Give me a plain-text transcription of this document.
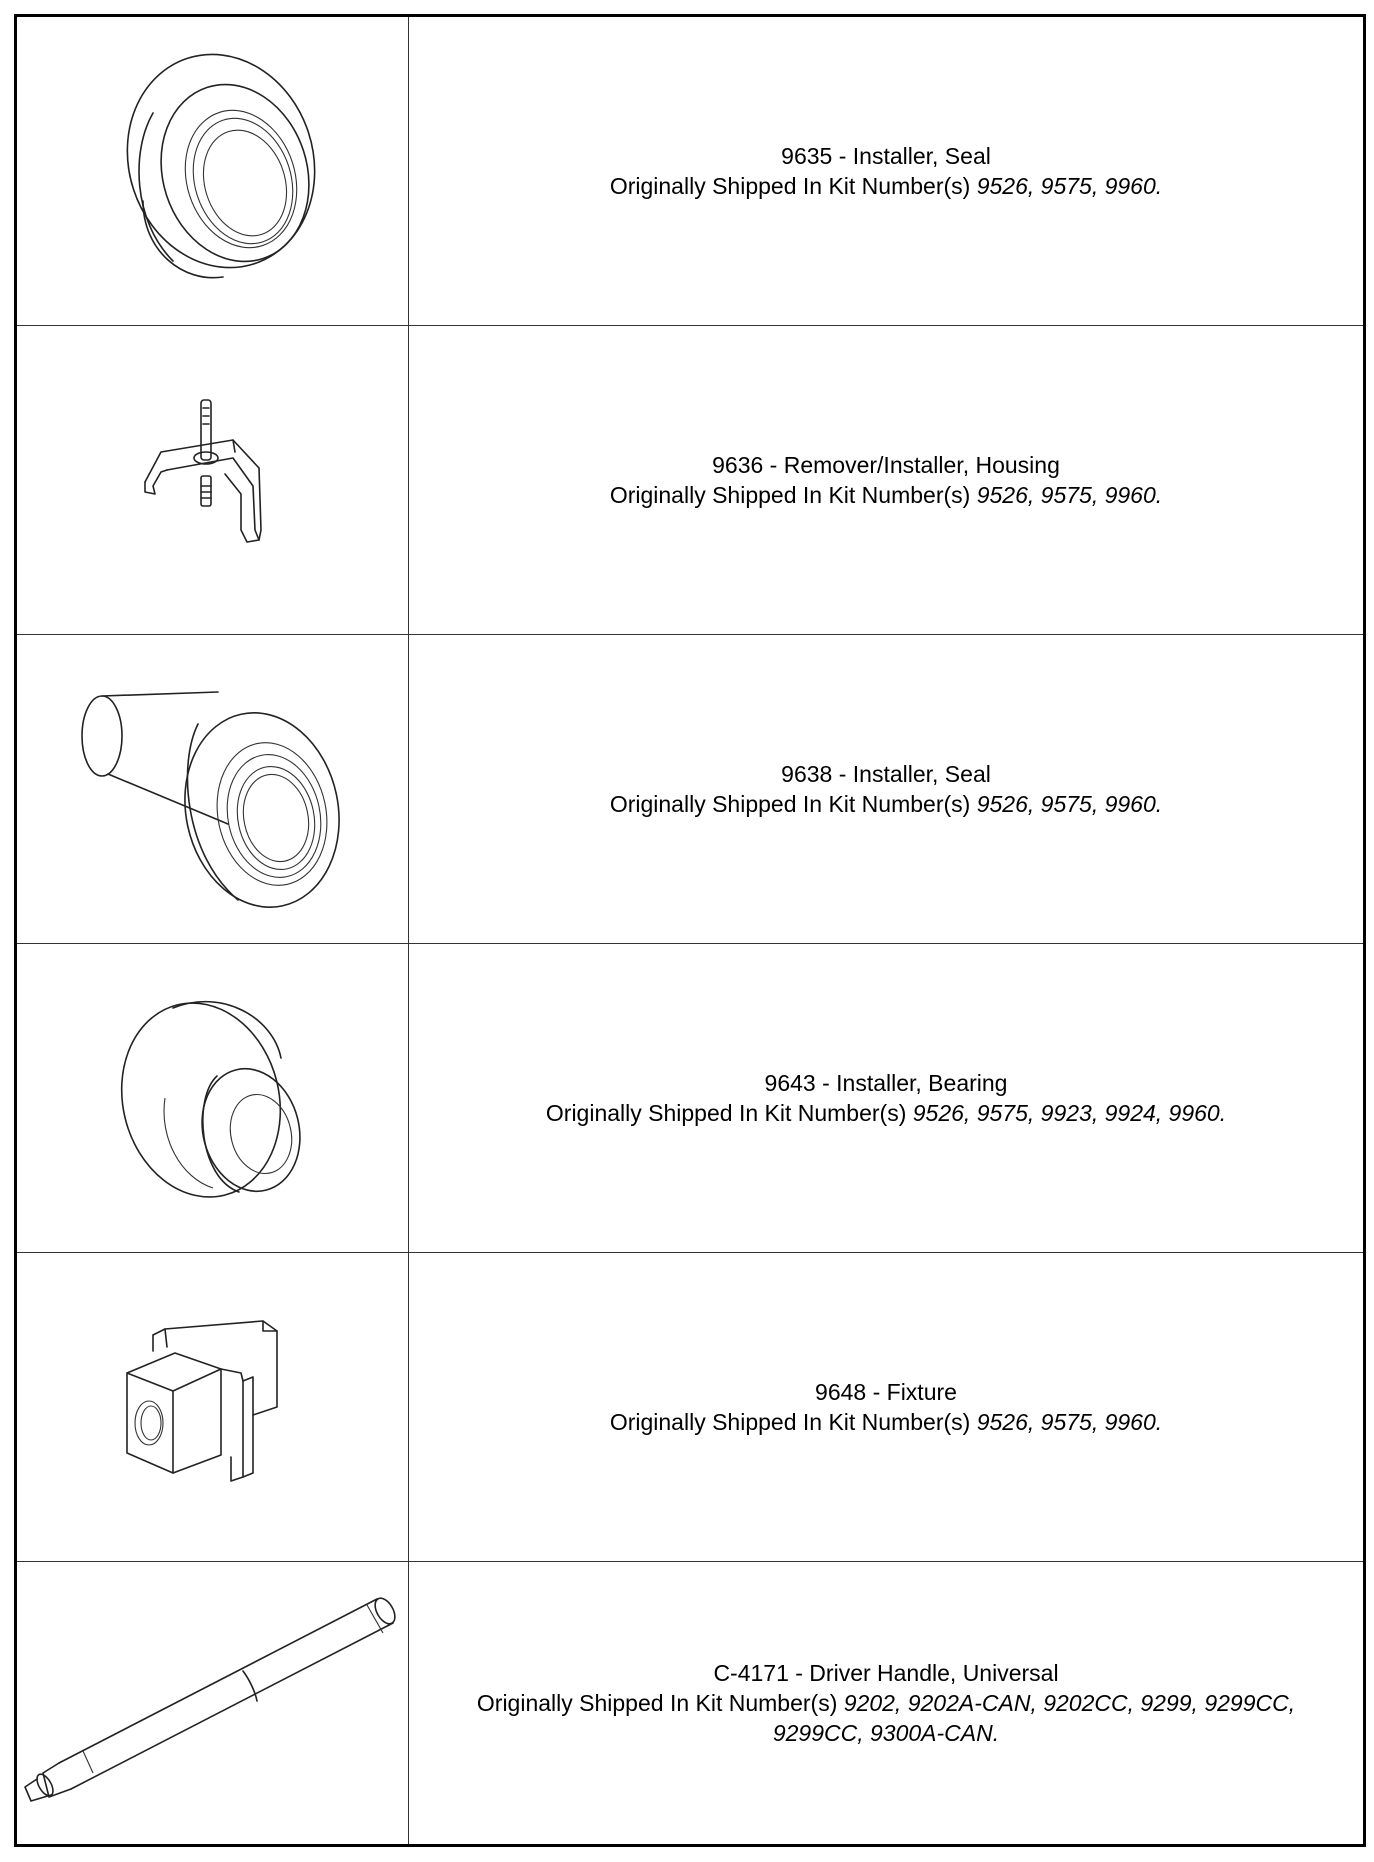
9635 - Installer, Seal
Originally Shipped In Kit Number(s) 9526, 9575, 9960.
9636 - Remover/Installer, Housing
Originally Shipped In Kit Number(s) 9526, 9575, 9960.
9638 - Installer, Seal
Originally Shipped In Kit Number(s) 9526, 9575, 9960.
9643 - Installer, Bearing
Originally Shipped In Kit Number(s) 9526, 9575, 9923, 9924, 9960.
9648 - Fixture
Originally Shipped In Kit Number(s) 9526, 9575, 9960.
C-4171 - Driver Handle, Universal
Originally Shipped In Kit Number(s) 9202, 9202A-CAN, 9202CC, 9299, 9299CC,
9299CC, 9300A-CAN.
